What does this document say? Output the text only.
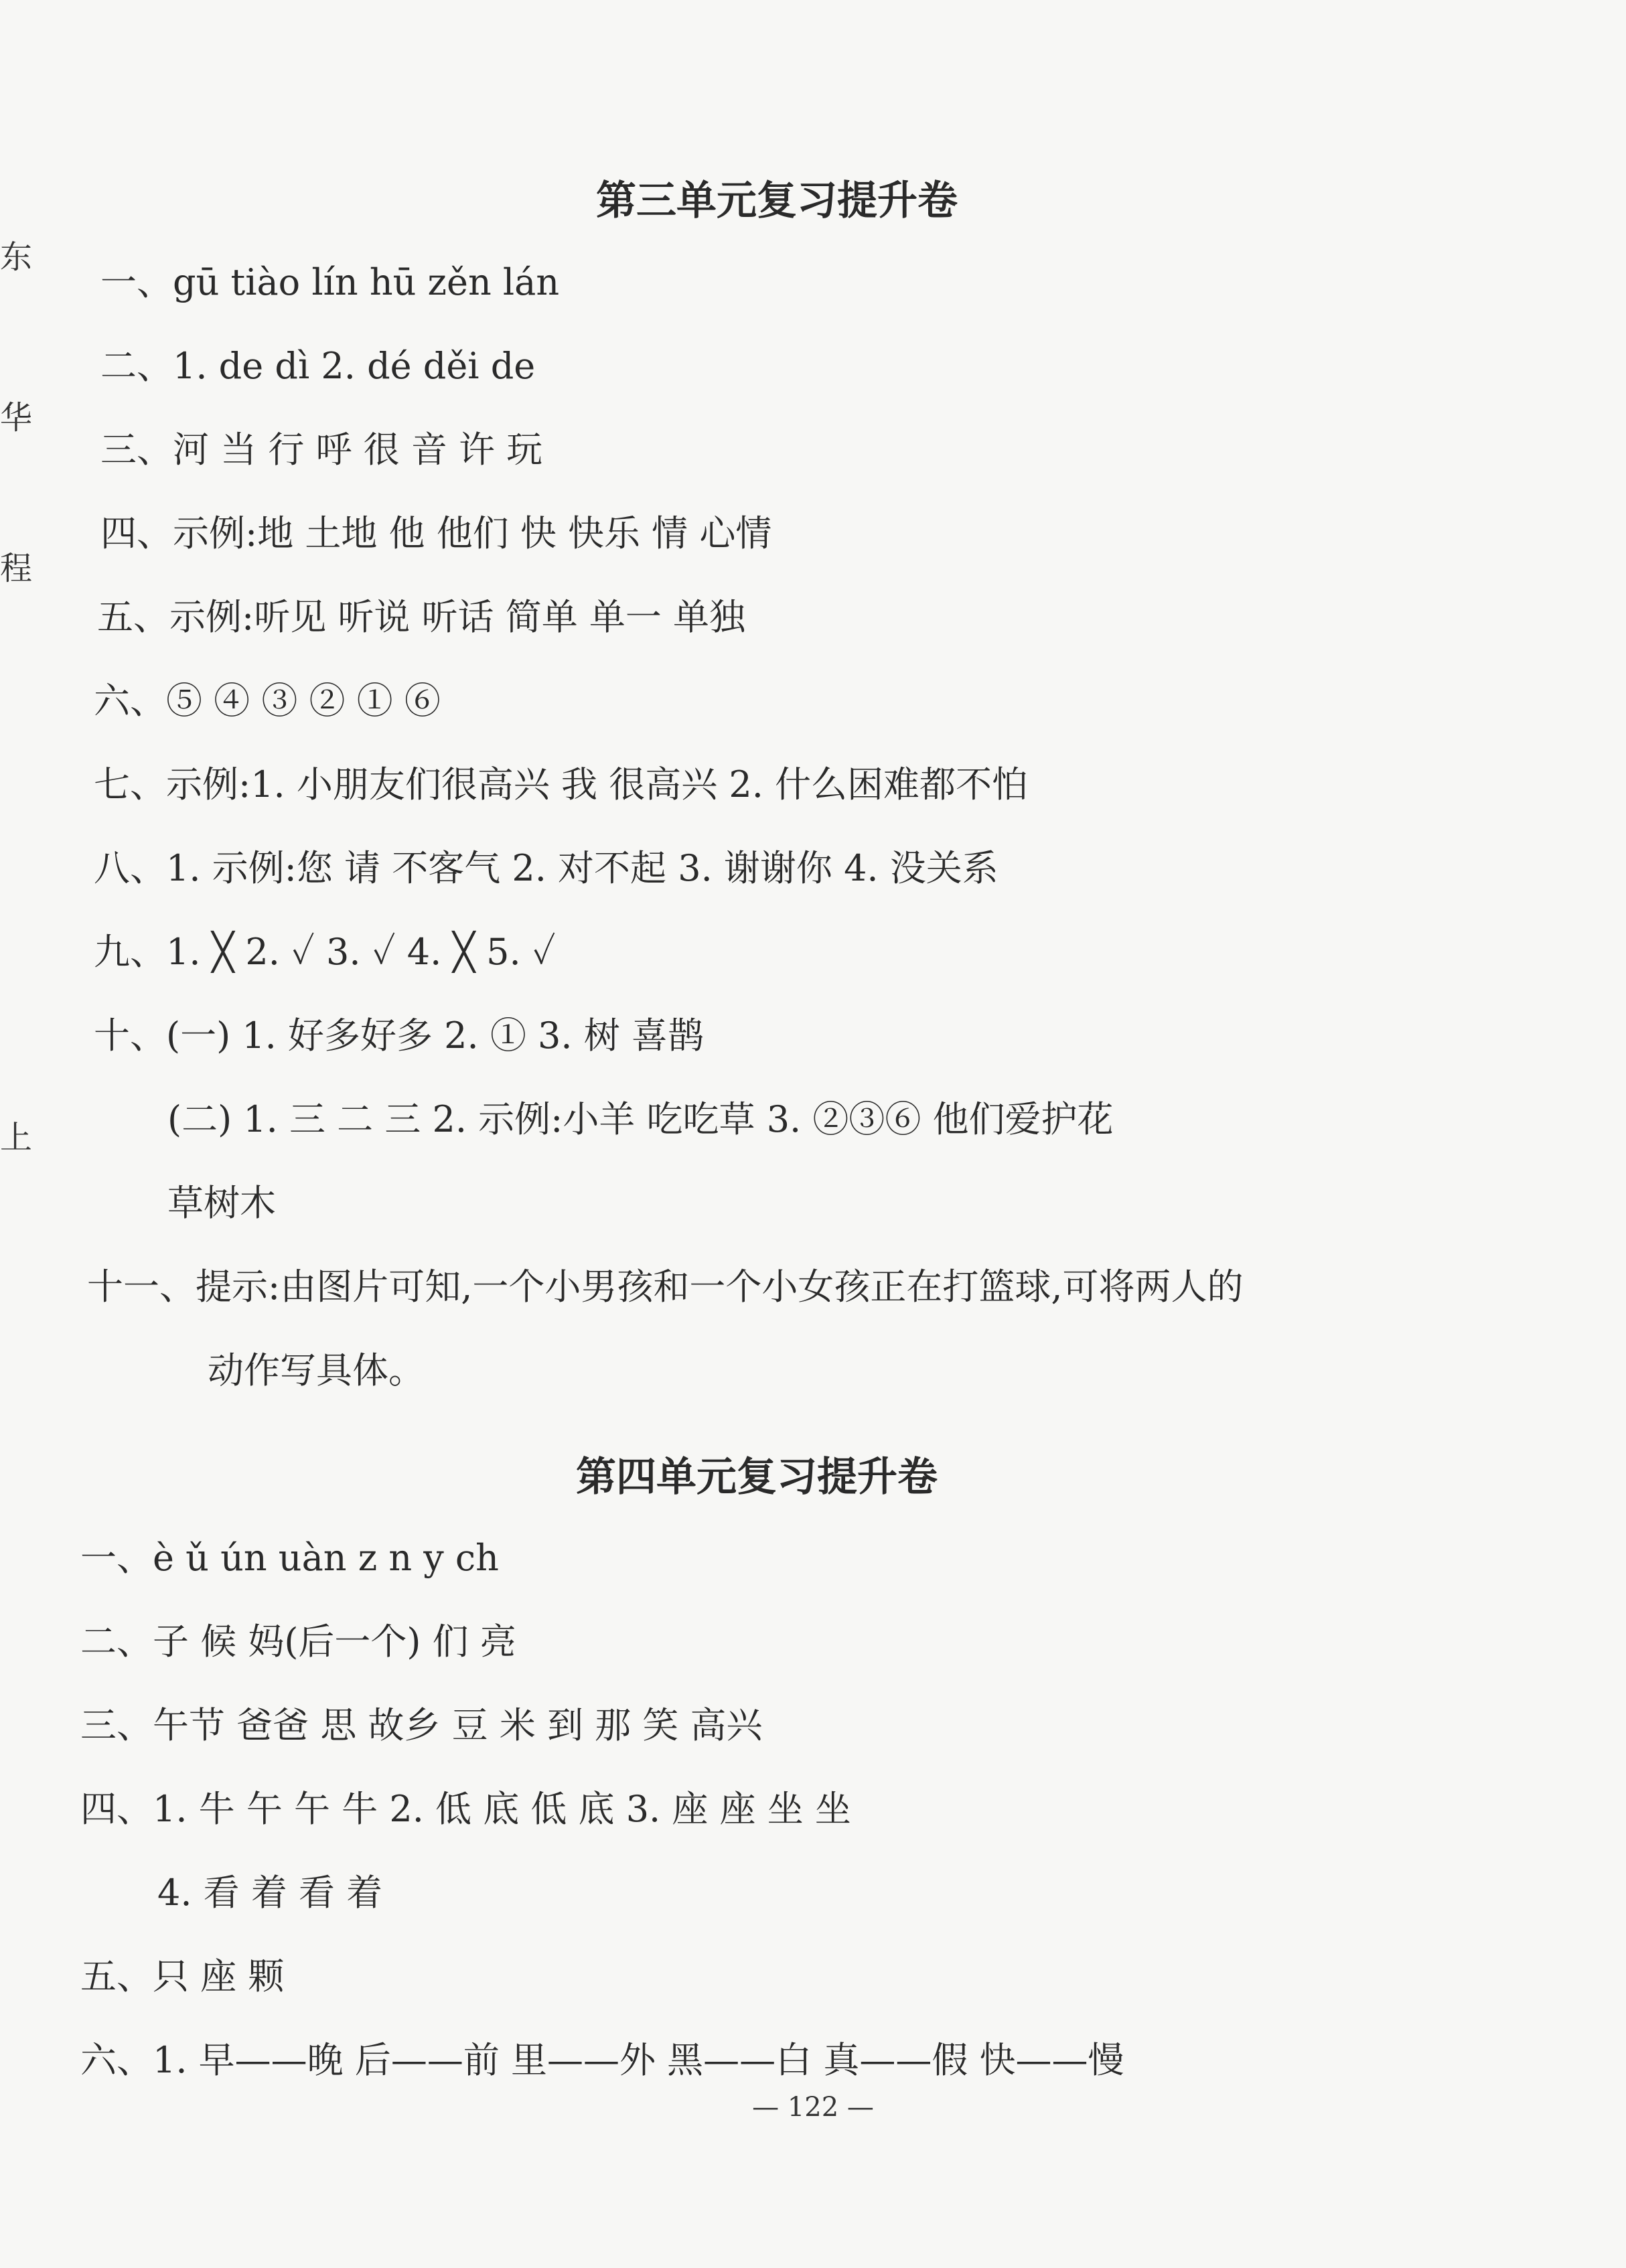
东
华
程
上
第三单元复习提升卷
一、gū tiào lín hū zěn lán
二、1. de dì 2. dé děi de
三、河 当 行 呼 很 音 许 玩
四、示例:地 土地 他 他们 快 快乐 情 心情
五、示例:听见 听说 听话 简单 单一 单独
六、⑤ ④ ③ ② ① ⑥
七、示例:1. 小朋友们很高兴 我 很高兴 2. 什么困难都不怕
八、1. 示例:您 请 不客气 2. 对不起 3. 谢谢你 4. 没关系
九、1. ╳ 2. ✓ 3. ✓ 4. ╳ 5. ✓
十、(一) 1. 好多好多 2. ① 3. 树 喜鹊
(二) 1. 三 二 三 2. 示例:小羊 吃吃草 3. ②③⑥ 他们爱护花
草树木
十一、提示:由图片可知,一个小男孩和一个小女孩正在打篮球,可将两人的
动作写具体。
第四单元复习提升卷
一、è ǔ ún uàn z n y ch
二、子 候 妈(后一个) 们 亮
三、午节 爸爸 思 故乡 豆 米 到 那 笑 高兴
四、1. 牛 午 午 牛 2. 低 底 低 底 3. 座 座 坐 坐
4. 看 着 看 着
五、只 座 颗
六、1. 早——晚 后——前 里——外 黑——白 真——假 快——慢
— 122 —
